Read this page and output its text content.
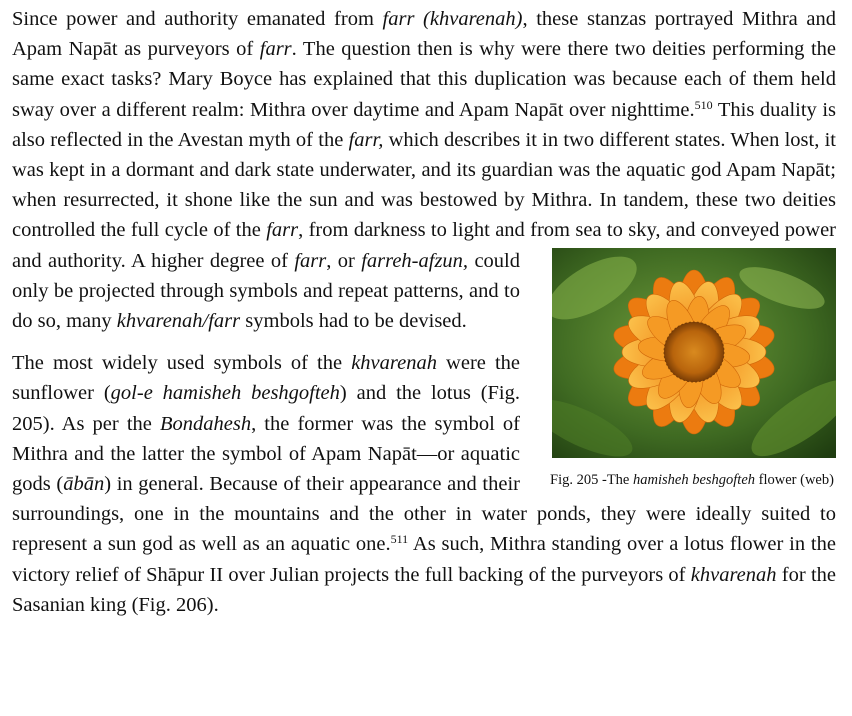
Since power and authority emanated from farr (khvarenah), these stanzas portrayed Mithra and Apam Napāt as purveyors of farr. The question then is why were there two deities performing the same exact tasks? Mary Boyce has explained that this duplication was because each of them held sway over a different realm: Mithra over daytime and Apam Napāt over nighttime.$^{510}$ This duality is also reflected in the Avestan myth of the farr, which describes it in two different states. When lost, it was kept in a dormant and dark state underwater, and its guardian was the aquatic god Apam Napāt; when resurrected, it shone like the sun and was bestowed by Mithra. In tandem, these two deities controlled the full cycle of the farr, from darkness to light and from sea to sky, and conveyed power and authority. A higher degree of
Fig. 205 -The hamisheh beshgofteh flower (web)
farr, or farreh-afzun, could only be projected through symbols and repeat patterns, and to do so, many khvarenah/farr symbols had to be devised.

The most widely used symbols of the khvarenah were the sunflower (gol-e hamisheh beshgofteh) and the lotus (Fig. 205). As per the Bondahesh, the former was the symbol of Mithra and the latter the symbol of Apam Napāt—or aquatic gods (ābān) in general. Because of their appearance and their surroundings, one in the mountains and the other in water ponds, they were ideally suited to represent a sun god as well as an aquatic one.$^{511}$ As such, Mithra standing over a lotus flower in the victory relief of Shāpur II over Julian projects the full backing of the purveyors of khvarenah for the Sasanian king (Fig. 206).
